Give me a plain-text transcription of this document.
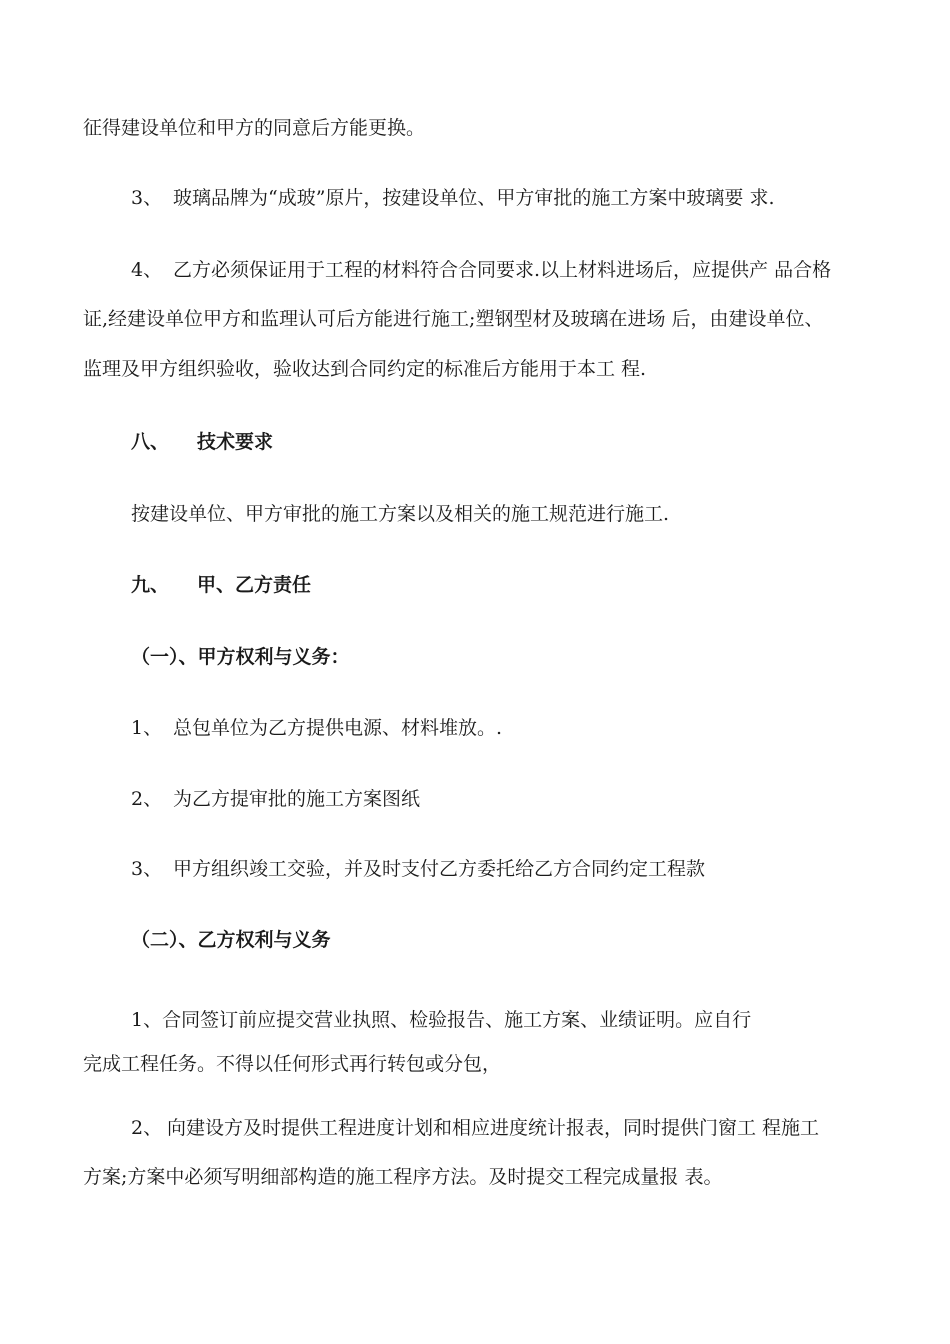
征得建设单位和甲方的同意后方能更换。
3、 玻璃品牌为“成玻”原片，按建设单位、甲方审批的施工方案中玻璃要 求.
4、 乙方必须保证用于工程的材料符合合同要求.以上材料进场后，应提供产 品合格
证,经建设单位甲方和监理认可后方能进行施工;塑钢型材及玻璃在进场 后，由建设单位、
监理及甲方组织验收，验收达到合同约定的标准后方能用于本工 程.
八、 技术要求
按建设单位、甲方审批的施工方案以及相关的施工规范进行施工.
九、 甲、乙方责任
（一）、甲方权利与义务：
1、 总包单位为乙方提供电源、材料堆放。.
2、 为乙方提审批的施工方案图纸
3、 甲方组织竣工交验，并及时支付乙方委托给乙方合同约定工程款
（二）、乙方权利与义务
1、合同签订前应提交营业执照、检验报告、施工方案、业绩证明。应自行
完成工程任务。不得以任何形式再行转包或分包，
2、 向建设方及时提供工程进度计划和相应进度统计报表，同时提供门窗工 程施工
方案;方案中必须写明细部构造的施工程序方法。及时提交工程完成量报 表。
